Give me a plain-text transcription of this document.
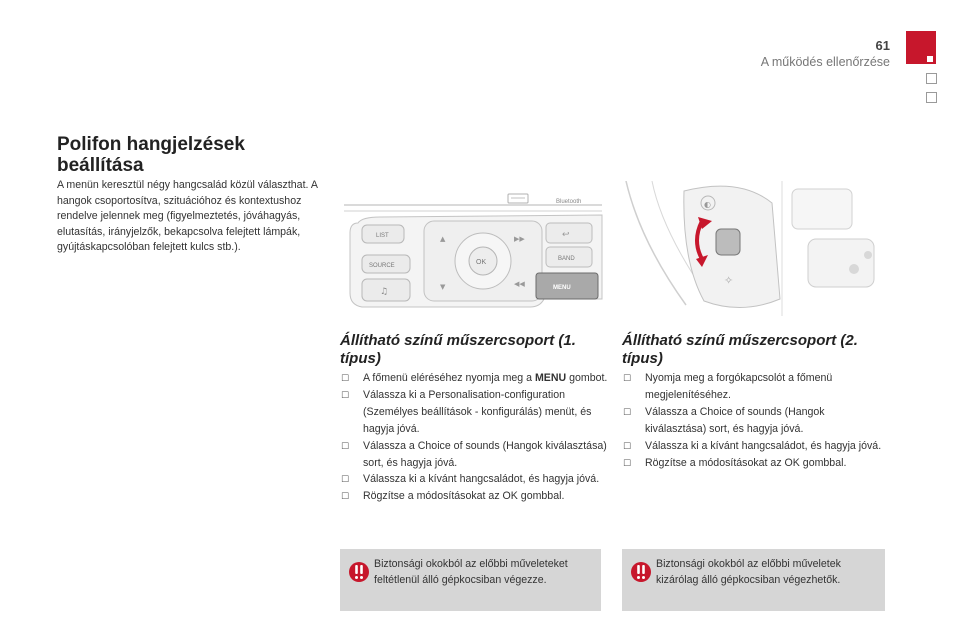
61
A működés ellenőrzése
Polifon hangjelzések beállítása

A menün keresztül négy hangcsalád közül választhat. A hangok csoportosítva, szituációhoz és kontextushoz rendelve jelennek meg (figyelmeztetés, jóváhagyás, elutasítás, irányjelzők, bekapcsolva felejtett lámpák, gyújtáskapcsolóban felejtett kulcs stb.).

Bluetooth
LIST
SOURCE
♫
OK
▲
▼
▶▶
◀◀
↩
BAND
MENU
◐
✧
Állítható színű műszercsoport (1. típus)
☐ A főmenü eléréséhez nyomja meg a MENU gombot.
☐ Válassza ki a Personalisation-configuration (Személyes beállítások - konfigurálás) menüt, és hagyja jóvá.
☐ Válassza a Choice of sounds (Hangok kiválasztása) sort, és hagyja jóvá.
☐ Válassza ki a kívánt hangcsaládot, és hagyja jóvá.
☐ Rögzítse a módosításokat az OK gombbal.
Állítható színű műszercsoport (2. típus)
☐ Nyomja meg a forgókapcsolót a főmenü megjelenítéséhez.
☐ Válassza a Choice of sounds (Hangok kiválasztása) sort, és hagyja jóvá.
☐ Válassza ki a kívánt hangcsaládot, és hagyja jóvá.
☐ Rögzítse a módosításokat az OK gombbal.
Biztonsági okokból az előbbi műveleteket feltétlenül álló gépkocsiban végezze.
Biztonsági okokból az előbbi műveletek kizárólag álló gépkocsiban végezhetők.
